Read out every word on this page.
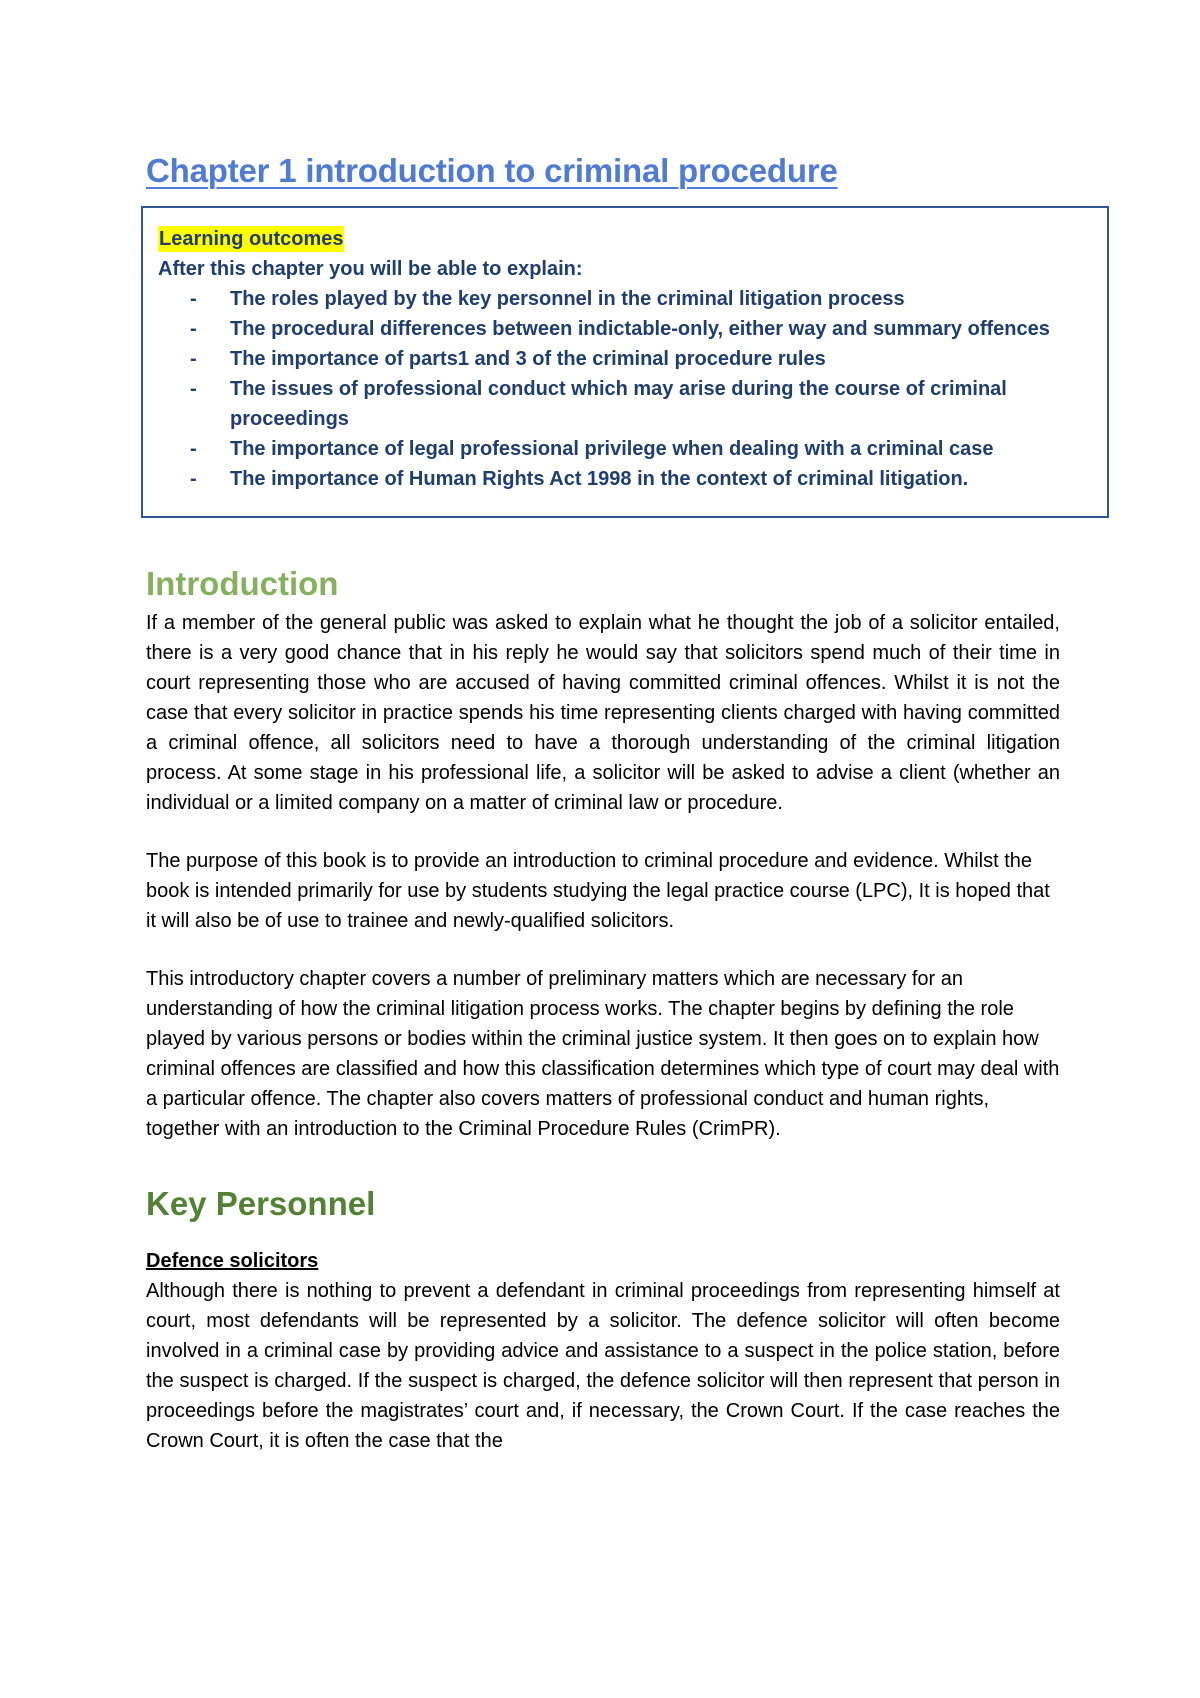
Chapter 1 introduction to criminal procedure
Learning outcomes
After this chapter you will be able to explain:
- The roles played by the key personnel in the criminal litigation process
- The procedural differences between indictable-only, either way and summary offences
- The importance of parts1 and 3 of the criminal procedure rules
- The issues of professional conduct which may arise during the course of criminal proceedings
- The importance of legal professional privilege when dealing with a criminal case
- The importance of Human Rights Act 1998 in the context of criminal litigation.
Introduction

If a member of the general public was asked to explain what he thought the job of a solicitor entailed, there is a very good chance that in his reply he would say that solicitors spend much of their time in court representing those who are accused of having committed criminal offences. Whilst it is not the case that every solicitor in practice spends his time representing clients charged with having committed a criminal offence, all solicitors need to have a thorough understanding of the criminal litigation process. At some stage in his professional life, a solicitor will be asked to advise a client (whether an individual or a limited company on a matter of criminal law or procedure.

The purpose of this book is to provide an introduction to criminal procedure and evidence. Whilst the book is intended primarily for use by students studying the legal practice course (LPC), It is hoped that it will also be of use to trainee and newly-qualified solicitors.

This introductory chapter covers a number of preliminary matters which are necessary for an understanding of how the criminal litigation process works. The chapter begins by defining the role played by various persons or bodies within the criminal justice system. It then goes on to explain how criminal offences are classified and how this classification determines which type of court may deal with a particular offence. The chapter also covers matters of professional conduct and human rights, together with an introduction to the Criminal Procedure Rules (CrimPR).

Key Personnel

Defence solicitors

Although there is nothing to prevent a defendant in criminal proceedings from representing himself at court, most defendants will be represented by a solicitor. The defence solicitor will often become involved in a criminal case by providing advice and assistance to a suspect in the police station, before the suspect is charged. If the suspect is charged, the defence solicitor will then represent that person in proceedings before the magistrates’ court and, if necessary, the Crown Court. If the case reaches the Crown Court, it is often the case that the
